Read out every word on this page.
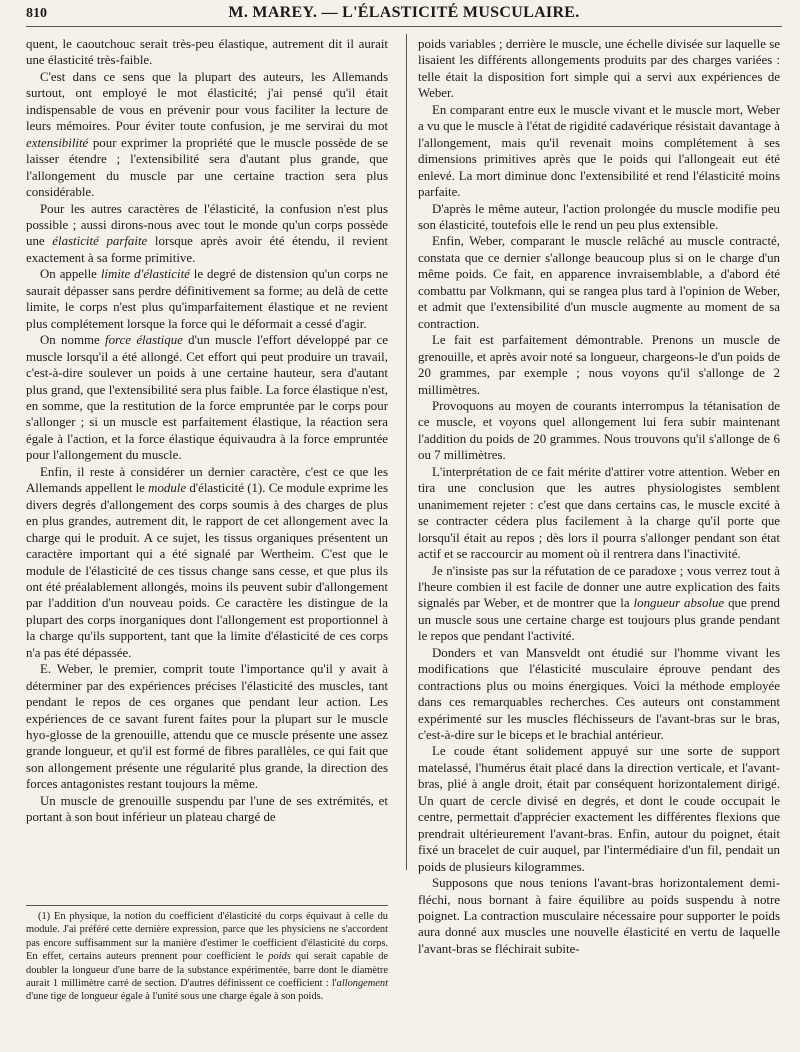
810	M. MAREY. — L'ÉLASTICITÉ MUSCULAIRE.

quent, le caoutchouc serait très-peu élastique, autrement dit il aurait une élasticité très-faible.

C'est dans ce sens que la plupart des auteurs, les Allemands surtout, ont employé le mot élasticité; j'ai pensé qu'il était indispensable de vous en prévenir pour vous faciliter la lecture de leurs mémoires. Pour éviter toute confusion, je me servirai du mot extensibilité pour exprimer la propriété que le muscle possède de se laisser étendre ; l'extensibilité sera d'autant plus grande, que l'allongement du muscle par une certaine traction sera plus considérable.

Pour les autres caractères de l'élasticité, la confusion n'est plus possible ; aussi dirons-nous avec tout le monde qu'un corps possède une élasticité parfaite lorsque après avoir été étendu, il revient exactement à sa forme primitive.

On appelle limite d'élasticité le degré de distension qu'un corps ne saurait dépasser sans perdre définitivement sa forme; au delà de cette limite, le corps n'est plus qu'imparfaitement élastique et ne revient plus complétement lorsque la force qui le déformait a cessé d'agir.

On nomme force élastique d'un muscle l'effort développé par ce muscle lorsqu'il a été allongé. Cet effort qui peut produire un travail, c'est-à-dire soulever un poids à une certaine hauteur, sera d'autant plus grand, que l'extensibilité sera plus faible. La force élastique n'est, en somme, que la restitution de la force empruntée par le corps pour s'allonger ; si un muscle est parfaitement élastique, la réaction sera égale à l'action, et la force élastique équivaudra à la force empruntée pour l'allongement du muscle.

Enfin, il reste à considérer un dernier caractère, c'est ce que les Allemands appellent le module d'élasticité (1). Ce module exprime les divers degrés d'allongement des corps soumis à des charges de plus en plus grandes, autrement dit, le rapport de cet allongement avec la charge qui le produit. A ce sujet, les tissus organiques présentent un caractère important qui a été signalé par Wertheim. C'est que le module de l'élasticité de ces tissus change sans cesse, et que plus ils ont été préalablement allongés, moins ils peuvent subir d'allongement par l'addition d'un nouveau poids. Ce caractère les distingue de la plupart des corps inorganiques dont l'allongement est proportionnel à la charge qu'ils supportent, tant que la limite d'élasticité de ces corps n'a pas été dépassée.

E. Weber, le premier, comprit toute l'importance qu'il y avait à déterminer par des expériences précises l'élasticité des muscles, tant pendant le repos de ces organes que pendant leur action. Les expériences de ce savant furent faites pour la plupart sur le muscle hyo-glosse de la grenouille, attendu que ce muscle présente une assez grande longueur, et qu'il est formé de fibres parallèles, ce qui fait que son allongement présente une régularité plus grande, la direction des forces antagonistes restant toujours la même.

Un muscle de grenouille suspendu par l'une de ses extrémités, et portant à son bout inférieur un plateau chargé de

poids variables ; derrière le muscle, une échelle divisée sur laquelle se lisaient les différents allongements produits par des charges variées : telle était la disposition fort simple qui a servi aux expériences de Weber.

En comparant entre eux le muscle vivant et le muscle mort, Weber a vu que le muscle à l'état de rigidité cadavérique résistait davantage à l'allongement, mais qu'il revenait moins complétement à ses dimensions primitives après que le poids qui l'allongeait eut été enlevé. La mort diminue donc l'extensibilité et rend l'élasticité moins parfaite.

D'après le même auteur, l'action prolongée du muscle modifie peu son élasticité, toutefois elle le rend un peu plus extensible.

Enfin, Weber, comparant le muscle relâché au muscle contracté, constata que ce dernier s'allonge beaucoup plus si on le charge d'un même poids. Ce fait, en apparence invraisemblable, a d'abord été combattu par Volkmann, qui se rangea plus tard à l'opinion de Weber, et admit que l'extensibilité d'un muscle augmente au moment de sa contraction.

Le fait est parfaitement démontrable. Prenons un muscle de grenouille, et après avoir noté sa longueur, chargeons-le d'un poids de 20 grammes, par exemple ; nous voyons qu'il s'allonge de 2 millimètres.

Provoquons au moyen de courants interrompus la tétanisation de ce muscle, et voyons quel allongement lui fera subir maintenant l'addition du poids de 20 grammes. Nous trouvons qu'il s'allonge de 6 ou 7 millimètres.

L'interprétation de ce fait mérite d'attirer votre attention. Weber en tira une conclusion que les autres physiologistes semblent unanimement rejeter : c'est que dans certains cas, le muscle excité à se contracter cédera plus facilement à la charge qu'il porte que lorsqu'il était au repos ; dès lors il pourra s'allonger pendant son état actif et se raccourcir au moment où il rentrera dans l'inactivité.

Je n'insiste pas sur la réfutation de ce paradoxe ; vous verrez tout à l'heure combien il est facile de donner une autre explication des faits signalés par Weber, et de montrer que la longueur absolue que prend un muscle sous une certaine charge est toujours plus grande pendant le repos que pendant l'activité.

Donders et van Mansveldt ont étudié sur l'homme vivant les modifications que l'élasticité musculaire éprouve pendant des contractions plus ou moins énergiques. Voici la méthode employée dans ces remarquables recherches. Ces auteurs ont constamment expérimenté sur les muscles fléchisseurs de l'avant-bras sur le bras, c'est-à-dire sur le biceps et le brachial antérieur.

Le coude étant solidement appuyé sur une sorte de support matelassé, l'humérus était placé dans la direction verticale, et l'avant-bras, plié à angle droit, était par conséquent horizontalement dirigé. Un quart de cercle divisé en degrés, et dont le coude occupait le centre, permettait d'apprécier exactement les différentes flexions que prendrait ultérieurement l'avant-bras. Enfin, autour du poignet, était fixé un bracelet de cuir auquel, par l'intermédiaire d'un fil, pendait un poids de plusieurs kilogrammes.

Supposons que nous tenions l'avant-bras horizontalement demi-fléchi, nous bornant à faire équilibre au poids suspendu à notre poignet. La contraction musculaire nécessaire pour supporter le poids aura donné aux muscles une nouvelle élasticité en vertu de laquelle l'avant-bras se fléchirait subite-

(1) En physique, la notion du coefficient d'élasticité du corps équivaut à celle du module. J'ai préféré cette dernière expression, parce que les physiciens ne s'accordent pas encore suffisamment sur la manière d'estimer le coefficient d'élasticité du corps. En effet, certains auteurs prennent pour coefficient le poids qui serait capable de doubler la longueur d'une barre de la substance expérimentée, barre dont le diamètre aurait 1 millimètre carré de section. D'autres définissent ce coefficient : l'allongement d'une tige de longueur égale à l'unité sous une charge égale à son poids.
